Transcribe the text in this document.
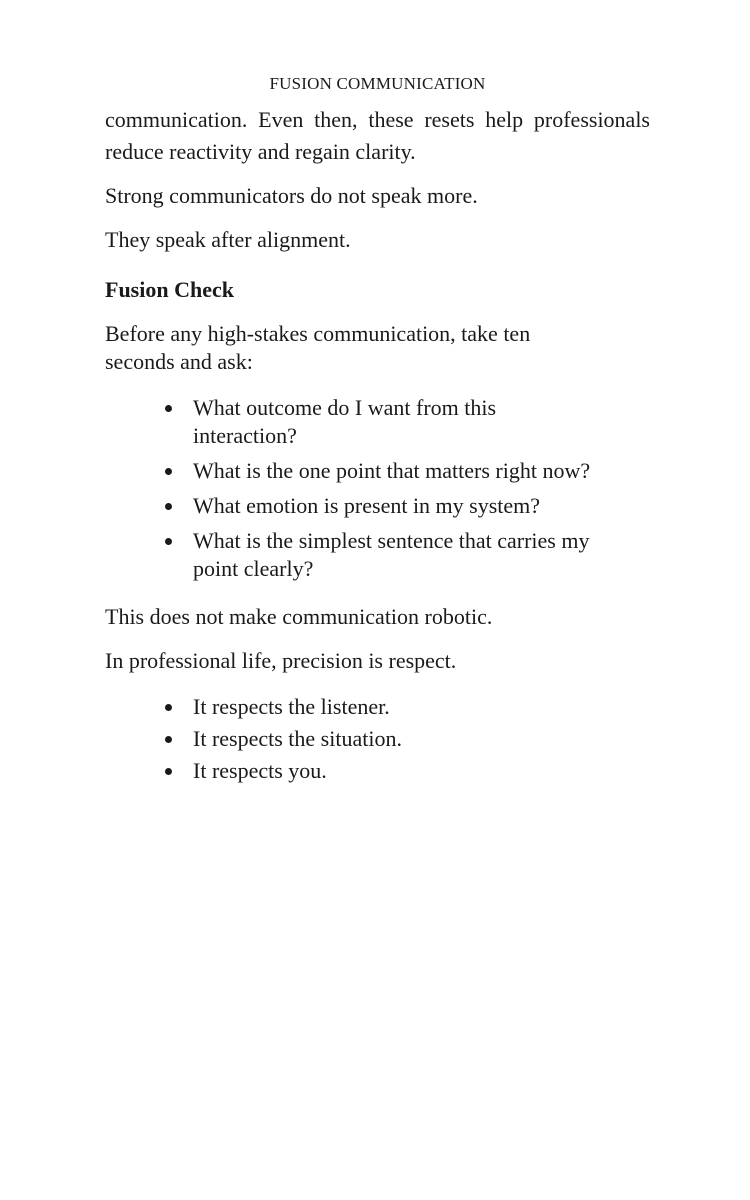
FUSION COMMUNICATION

communication. Even then, these resets help professionals reduce reactivity and regain clarity.

Strong communicators do not speak more.

They speak after alignment.

Fusion Check

Before any high-stakes communication, take ten seconds and ask:

What outcome do I want from this interaction?
What is the one point that matters right now?
What emotion is present in my system?
What is the simplest sentence that carries my point clearly?

This does not make communication robotic.

In professional life, precision is respect.

It respects the listener.
It respects the situation.
It respects you.
